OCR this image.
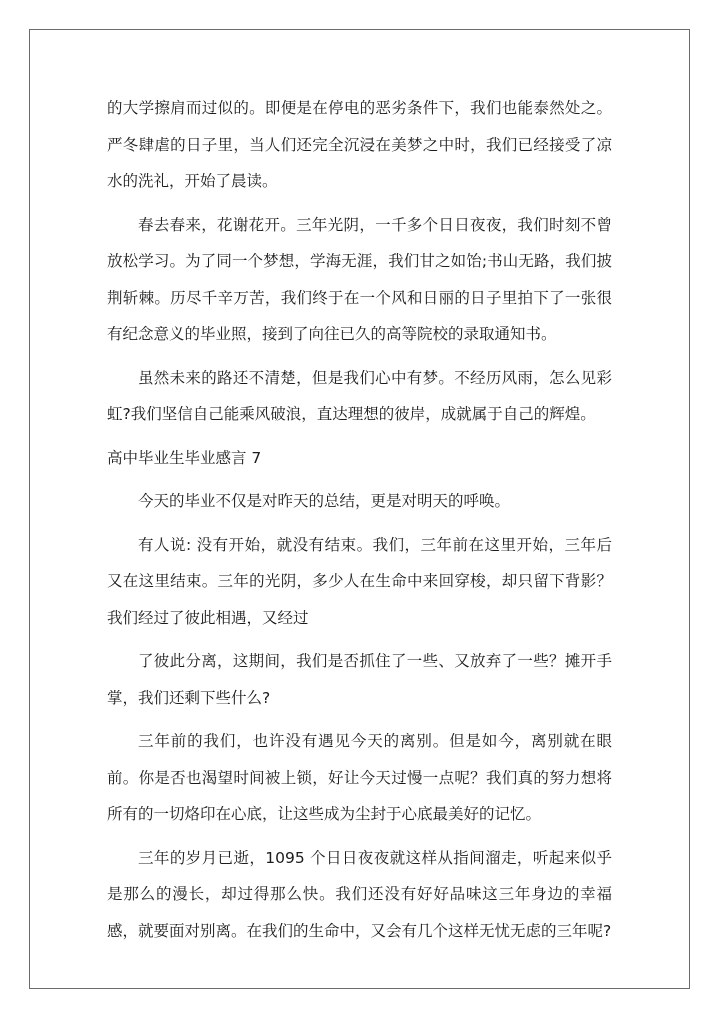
的大学擦肩而过似的。即便是在停电的恶劣条件下，我们也能泰然处之。严冬肆虐的日子里，当人们还完全沉浸在美梦之中时，我们已经接受了凉水的洗礼，开始了晨读。

春去春来，花谢花开。三年光阴，一千多个日日夜夜，我们时刻不曾放松学习。为了同一个梦想，学海无涯，我们甘之如饴;书山无路，我们披荆斩棘。历尽千辛万苦，我们终于在一个风和日丽的日子里拍下了一张很有纪念意义的毕业照，接到了向往已久的高等院校的录取通知书。

虽然未来的路还不清楚，但是我们心中有梦。不经历风雨，怎么见彩虹?我们坚信自己能乘风破浪，直达理想的彼岸，成就属于自己的辉煌。

高中毕业生毕业感言 7

今天的毕业不仅是对昨天的总结，更是对明天的呼唤。

有人说: 没有开始，就没有结束。我们，三年前在这里开始，三年后又在这里结束。三年的光阴，多少人在生命中来回穿梭，却只留下背影？我们经过了彼此相遇，又经过

了彼此分离，这期间，我们是否抓住了一些、又放弃了一些？摊开手掌，我们还剩下些什么?

三年前的我们，也许没有遇见今天的离别。但是如今，离别就在眼前。你是否也渴望时间被上锁，好让今天过慢一点呢？我们真的努力想将所有的一切烙印在心底，让这些成为尘封于心底最美好的记忆。

三年的岁月已逝，1095 个日日夜夜就这样从指间溜走，听起来似乎是那么的漫长，却过得那么快。我们还没有好好品味这三年身边的幸福感，就要面对别离。在我们的生命中，又会有几个这样无忧无虑的三年呢?
